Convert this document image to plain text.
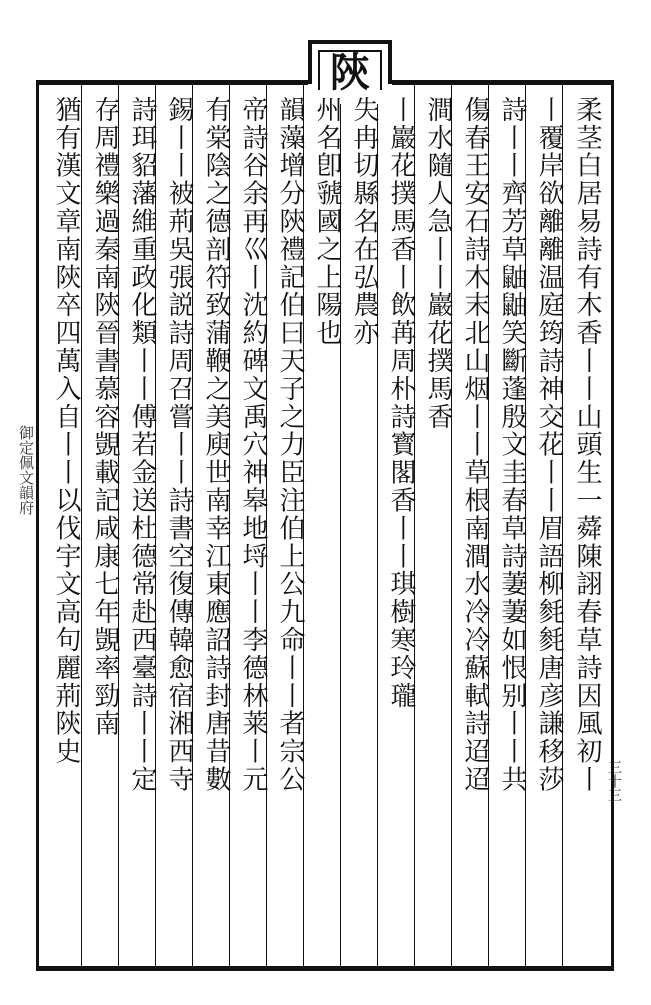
陝
御定佩文韻府	柔茎白居易詩有木香丨丨山頭生一蕣陳詡春草詩因風初丨
丨覆岸欲離離温庭筠詩神交花丨丨眉語柳毵毵唐彦謙移莎
詩丨丨齊芳草鼬鼬笑斷蓬殷文圭春草詩萋萋如恨别丨丨共
傷春王安石詩木末北山烟丨丨草根南澗水冷冷蘇軾詩迢迢
澗水隨人急丨丨巖花撲馬香
丨巖花撲馬香丨飲苒周朴詩寳閣香丨丨琪樹寒玲瓏
失冉切縣名在弘農亦
州名卽虢國之上陽也
韻藻增分陝禮記伯曰天子之力臣注伯上公九命丨丨者宗公
帝詩谷余再巛丨沈約碑文禹穴神皋地埒丨丨李德林莱丨元
有棠陰之德剖符致蒲鞭之美庾世南幸江東應詔詩封唐昔數
錫丨丨被荊吳張説詩周召嘗丨丨詩書空復傳韓愈宿湘西寺
詩珥貂藩維重政化類丨丨傅若金送杜德常赴西臺詩丨丨定
存周禮樂過秦南陝晉書慕容覬載記咸康七年覬率勁南
猶有漢文章南陝卒四萬入自丨丨以伐宇文高句麗荊陝史
三十三
